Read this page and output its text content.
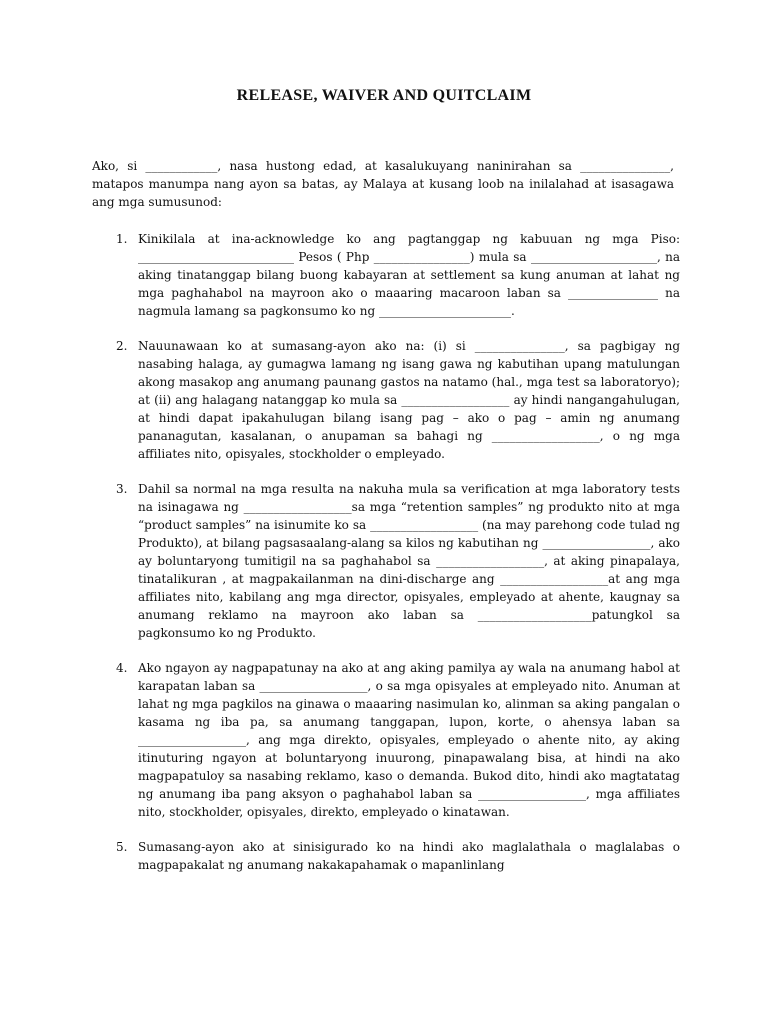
RELEASE, WAIVER AND QUITCLAIM

Ako, si ____________, nasa hustong edad, at kasalukuyang naninirahan sa _______________, matapos manumpa nang ayon sa batas, ay Malaya at kusang loob na inilalahad at isasagawa ang mga sumusunod:

1. Kinikilala at ina-acknowledge ko ang pagtanggap ng kabuuan ng mga Piso: __________________________ Pesos ( Php ________________) mula sa _____________________, na aking tinatanggap bilang buong kabayaran at settlement sa kung anuman at lahat ng mga paghahabol na mayroon ako o maaaring macaroon laban sa _______________ na nagmula lamang sa pagkonsumo ko ng ______________________.
2. Nauunawaan ko at sumasang-ayon ako na: (i) si _______________, sa pagbigay ng nasabing halaga, ay gumagwa lamang ng isang gawa ng kabutihan upang matulungan akong masakop ang anumang paunang gastos na natamo (hal., mga test sa laboratoryo); at (ii) ang halagang natanggap ko mula sa __________________ ay hindi nangangahulugan, at hindi dapat ipakahulugan bilang isang pag – ako o pag – amin ng anumang pananagutan, kasalanan, o anupaman sa bahagi ng __________________, o ng mga affiliates nito, opisyales, stockholder o empleyado.
3. Dahil sa normal na mga resulta na nakuha mula sa verification at mga laboratory tests na isinagawa ng __________________sa mga “retention samples” ng produkto nito at mga “product samples” na isinumite ko sa __________________ (na may parehong code tulad ng Produkto), at bilang pagsasaalang-alang sa kilos ng kabutihan ng __________________, ako ay boluntaryong tumitigil na sa paghahabol sa __________________, at aking pinapalaya, tinatalikuran , at magpakailanman na dini-discharge ang __________________at ang mga affiliates nito, kabilang ang mga director, opisyales, empleyado at ahente, kaugnay sa anumang reklamo na mayroon ako laban sa ___________________patungkol sa pagkonsumo ko ng Produkto.
4. Ako ngayon ay nagpapatunay na ako at ang aking pamilya ay wala na anumang habol at karapatan laban sa __________________, o sa mga opisyales at empleyado nito. Anuman at lahat ng mga pagkilos na ginawa o maaaring nasimulan ko, alinman sa aking pangalan o kasama ng iba pa, sa anumang tanggapan, lupon, korte, o ahensya laban sa __________________, ang mga direkto, opisyales, empleyado o ahente nito, ay aking itinuturing ngayon at boluntaryong inuurong, pinapawalang bisa, at hindi na ako magpapatuloy sa nasabing reklamo, kaso o demanda. Bukod dito, hindi ako magtatatag ng anumang iba pang aksyon o paghahabol laban sa __________________, mga affiliates nito, stockholder, opisyales, direkto, empleyado o kinatawan.
5. Sumasang-ayon ako at sinisigurado ko na hindi ako maglalathala o maglalabas o magpapakalat ng anumang nakakapahamak o mapanlinlang
